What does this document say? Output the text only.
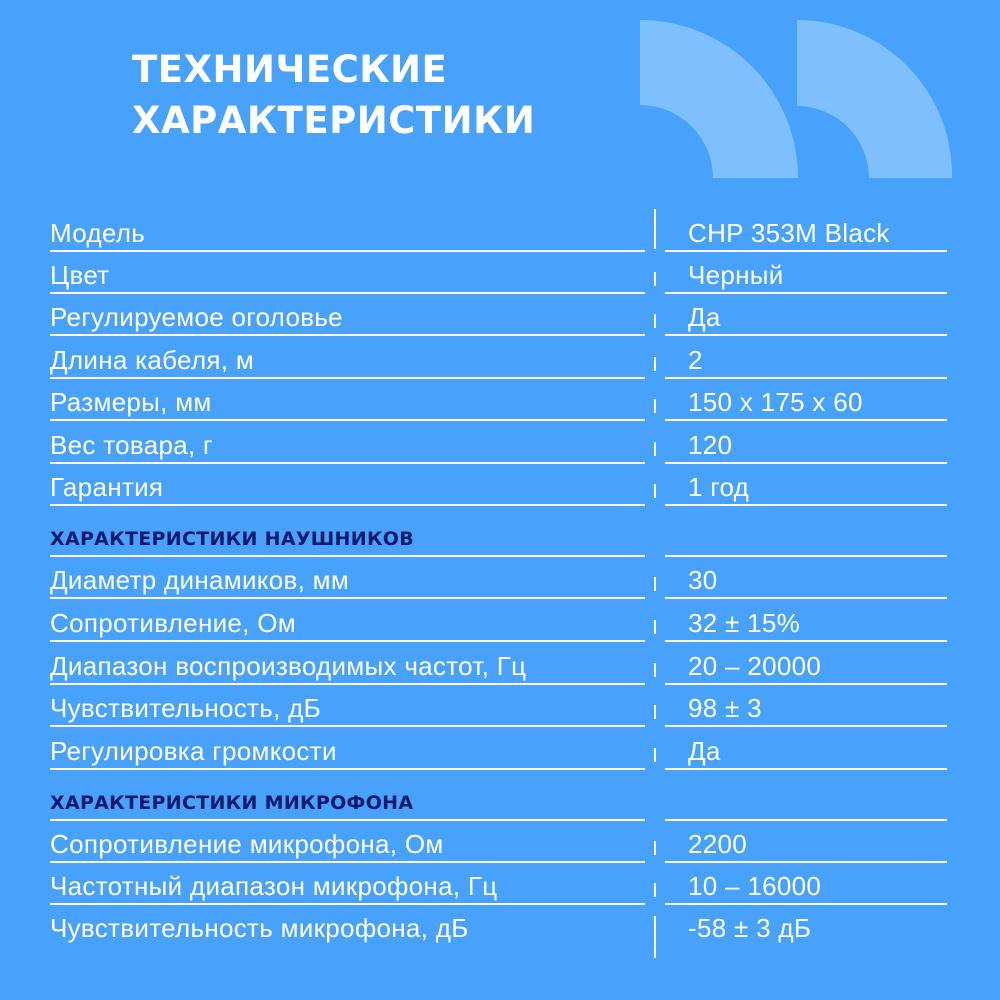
ТЕХНИЧЕСКИЕ
ХАРАКТЕРИСТИКИ
Модель	CHP 353M Black
Цвет	Черный
Регулируемое оголовье	Да
Длина кабеля, м	2
Размеры, мм	150 x 175 x 60
Вес товара, г	120
Гарантия	1 год
ХАРАКТЕРИСТИКИ НАУШНИКОВ
Диаметр динамиков, мм	30
Сопротивление, Ом	32 ± 15%
Диапазон воспроизводимых частот, Гц	20 – 20000
Чувствительность, дБ	98 ± 3
Регулировка громкости	Да
ХАРАКТЕРИСТИКИ МИКРОФОНА
Сопротивление микрофона, Ом	2200
Частотный диапазон микрофона, Гц	10 – 16000
Чувствительность микрофона, дБ	-58 ± 3 дБ
